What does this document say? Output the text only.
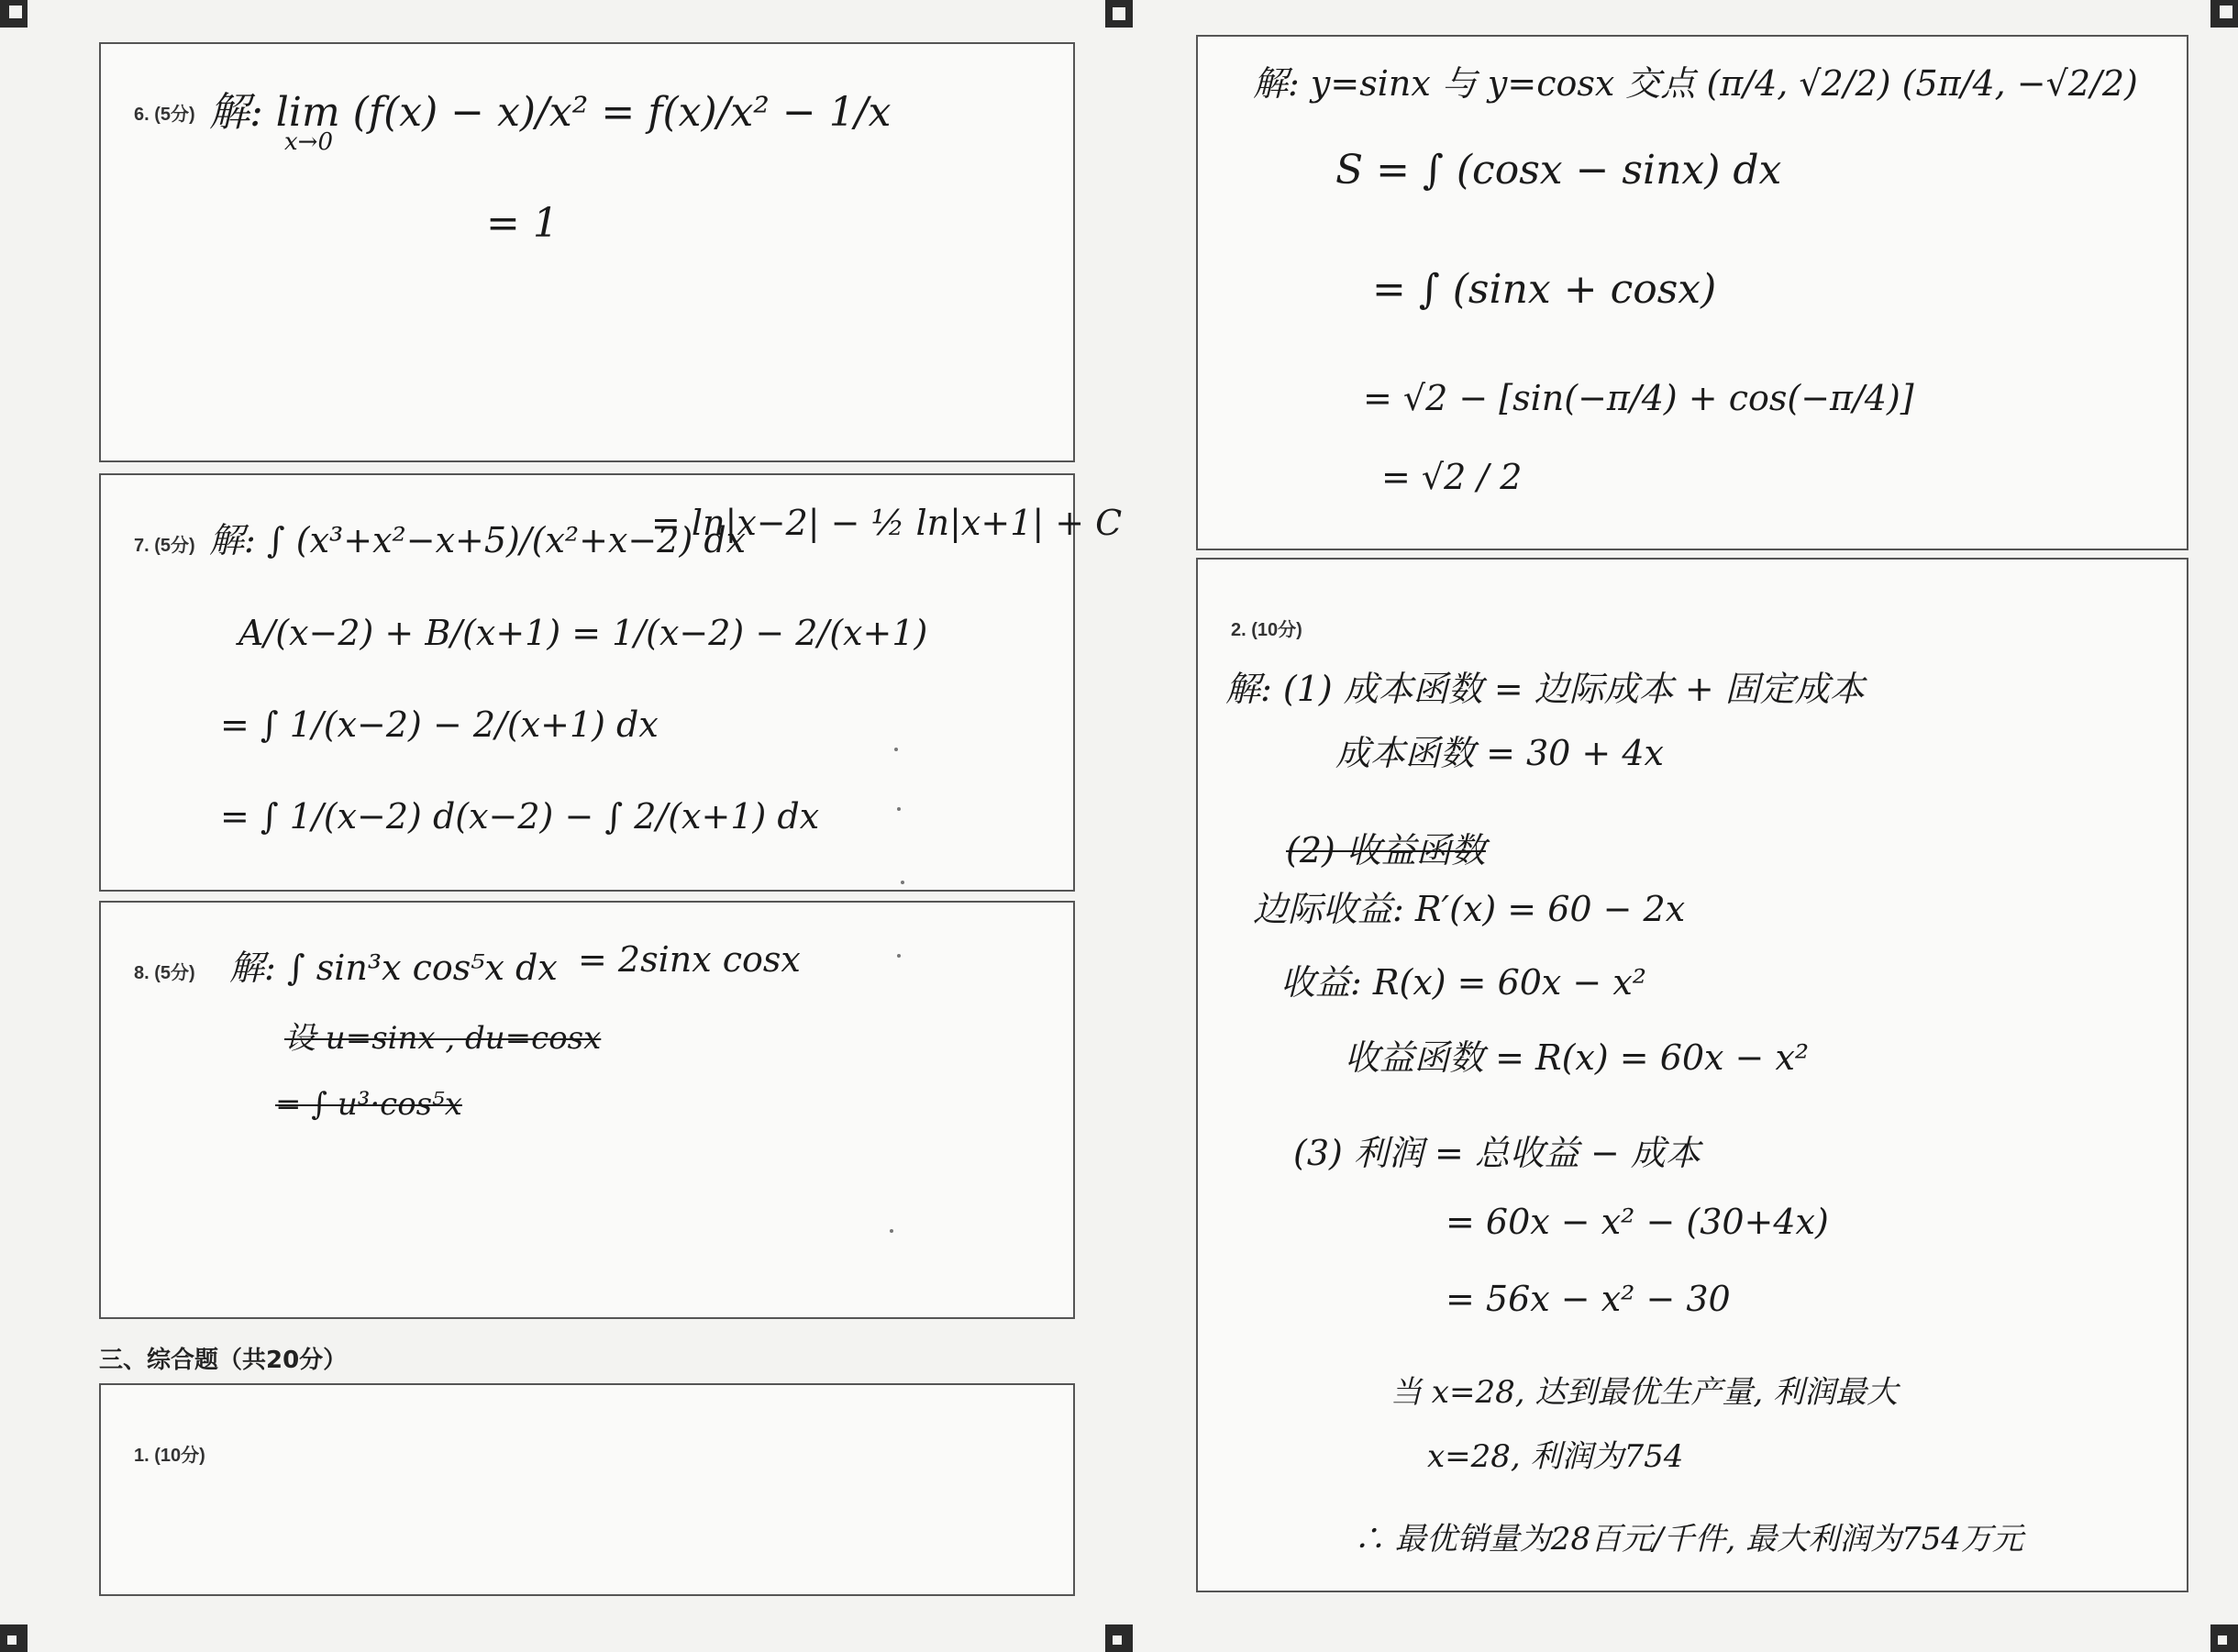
6. (5分) 解: lim (f(x) − x)/x² = f(x)/x² − 1/x
x→0
= 1
7. (5分) 解: ∫ (x³+x²−x+5)/(x²+x−2) dx
= ln|x−2| − ½ ln|x+1| + C
A/(x−2) + B/(x+1) = 1/(x−2) − 2/(x+1)
= ∫ 1/(x−2) − 2/(x+1) dx
= ∫ 1/(x−2) d(x−2) − ∫ 2/(x+1) dx
8. (5分) 解: ∫ sin³x cos⁵x dx = 2sinx cosx
设 u=sinx , du=cosx
= ∫ u³·cos⁵x
三、综合题（共20分）
1. (10分)
解: y=sinx 与 y=cosx 交点 (π/4, √2/2) (5π/4, −√2/2)
S = ∫ (cosx − sinx) dx
= ∫ (sinx + cosx)
= √2 − [sin(−π/4) + cos(−π/4)]
= √2 / 2
2. (10分)
解: (1) 成本函数 = 边际成本 + 固定成本
成本函数 = 30 + 4x
(2) 收益函数
边际收益: R′(x) = 60 − 2x
收益: R(x) = 60x − x²
收益函数 = R(x) = 60x − x²
(3) 利润 = 总收益 − 成本
= 60x − x² − (30+4x)
= 56x − x² − 30
当 x=28, 达到最优生产量, 利润最大
x=28, 利润为754
∴ 最优销量为28百元/千件, 最大利润为754万元
